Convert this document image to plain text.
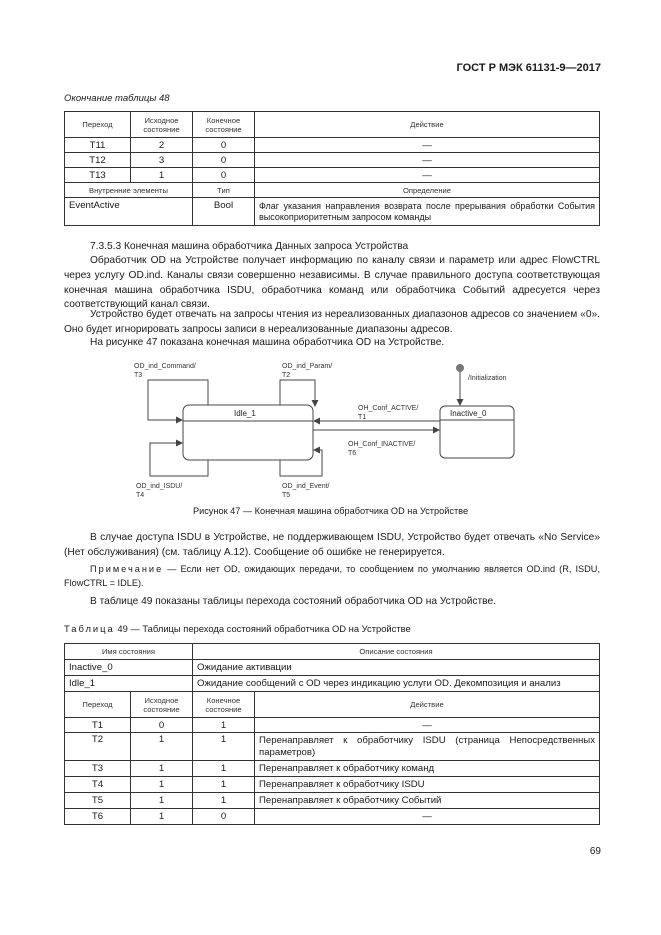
ГОСТ Р МЭК 61131-9—2017
Окончание таблицы 48
Переход	Исходное состояние	Конечное состояние	Действие
T11	2	0	—
T12	3	0	—
T13	1	0	—
Внутренние элементы		Тип	Определение
EventActive		Bool	Флаг указания направления возврата после прерывания обработки События высокоприоритетным запросом команды
7.3.5.3 Конечная машина обработчика Данных запроса Устройства
Обработчик OD на Устройстве получает информацию по каналу связи и параметр или адрес FlowCTRL через услугу OD.ind. Каналы связи совершенно независимы. В случае правильного доступа соответствующая конечная машина обработчика ISDU, обработчика команд или обработчика Событий адресуется через соответствующий канал связи.
Устройство будет отвечать на запросы чтения из нереализованных диапазонов адресов со значением «0». Оно будет игнорировать запросы записи в нереализованные диапазоны адресов.
На рисунке 47 показана конечная машина обработчика OD на Устройстве.
Idle_1	Inactive_0
/Initialization
OH_Conf_ACTIVE/
T1
OH_Conf_INACTIVE/
T6
OD_ind_Command/
T3
OD_ind_Param/
T2
OD_ind_ISDU/
T4
OD_ind_Event/
T5
Рисунок 47 — Конечная машина обработчика OD на Устройстве
В случае доступа ISDU в Устройстве, не поддерживающем ISDU, Устройство будет отвечать «No Service» (Нет обслуживания) (см. таблицу А.12). Сообщение об ошибке не генерируется.
Примечание — Если нет OD, ожидающих передачи, то сообщением по умолчанию является OD.ind (R, ISDU, FlowCTRL = IDLE).
В таблице 49 показаны таблицы перехода состояний обработчика OD на Устройстве.
Таблица 49 — Таблицы перехода состояний обработчика OD на Устройстве
Имя состояния		Описание состояния	
Inactive_0		Ожидание активации	
Idle_1		Ожидание сообщений с OD через индикацию услуги OD. Декомпозиция и анализ	
Переход	Исходное состояние	Конечное состояние	Действие
T1	0	1	—
T2	1	1	Перенаправляет к обработчику ISDU (страница Непосредственных параметров)
T3	1	1	Перенаправляет к обработчику команд
T4	1	1	Перенаправляет к обработчику ISDU
T5	1	1	Перенаправляет к обработчику Событий
T6	1	0	—
69
